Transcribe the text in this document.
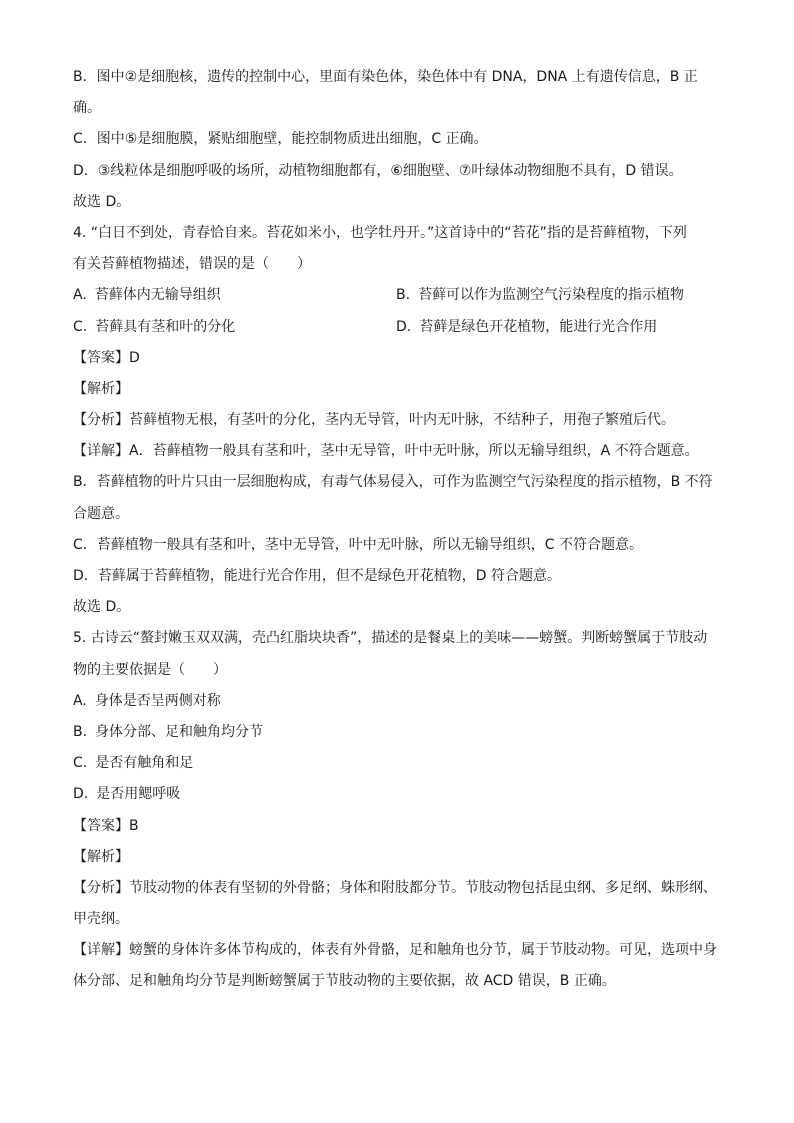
B．图中②是细胞核，遗传的控制中心，里面有染色体，染色体中有 DNA，DNA 上有遗传信息，B 正
确。
C．图中⑤是细胞膜，紧贴细胞壁，能控制物质进出细胞，C 正确。
D．③线粒体是细胞呼吸的场所，动植物细胞都有，⑥细胞壁、⑦叶绿体动物细胞不具有，D 错误。
故选 D。
4. “白日不到处，青春恰自来。苔花如米小，也学牡丹开。”这首诗中的“苔花”指的是苔藓植物，下列
有关苔藓植物描述，错误的是（　　）
A. 苔藓体内无输导组织	B. 苔藓可以作为监测空气污染程度的指示植物
C. 苔藓具有茎和叶的分化	D. 苔藓是绿色开花植物，能进行光合作用
【答案】D
【解析】
【分析】苔藓植物无根，有茎叶的分化，茎内无导管，叶内无叶脉，不结种子，用孢子繁殖后代。
【详解】A．苔藓植物一般具有茎和叶，茎中无导管，叶中无叶脉，所以无输导组织，A 不符合题意。
B．苔藓植物的叶片只由一层细胞构成，有毒气体易侵入，可作为监测空气污染程度的指示植物，B 不符
合题意。
C．苔藓植物一般具有茎和叶，茎中无导管，叶中无叶脉，所以无输导组织，C 不符合题意。
D．苔藓属于苔藓植物，能进行光合作用，但不是绿色开花植物，D 符合题意。
故选 D。
5. 古诗云“螯封嫩玉双双满，壳凸红脂块块香”，描述的是餐桌上的美味——螃蟹。判断螃蟹属于节肢动
物的主要依据是（　　）
A. 身体是否呈两侧对称
B. 身体分部、足和触角均分节
C. 是否有触角和足
D. 是否用鳃呼吸
【答案】B
【解析】
【分析】节肢动物的体表有坚韧的外骨骼；身体和附肢都分节。节肢动物包括昆虫纲、多足纲、蛛形纲、
甲壳纲。
【详解】螃蟹的身体许多体节构成的，体表有外骨骼，足和触角也分节，属于节肢动物。可见，选项中身
体分部、足和触角均分节是判断螃蟹属于节肢动物的主要依据，故 ACD 错误，B 正确。
